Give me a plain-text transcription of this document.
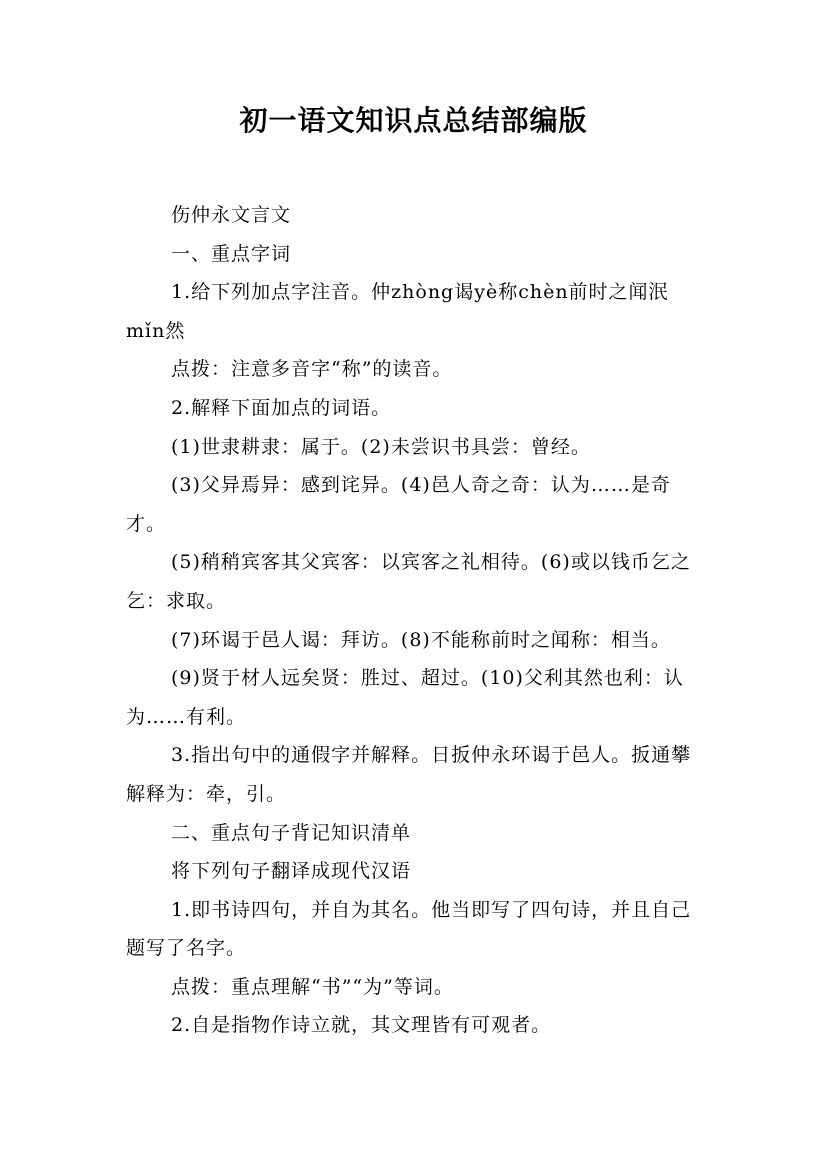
初一语文知识点总结部编版

伤仲永文言文

一、重点字词

1.给下列加点字注音。仲zhòng谒yè称chèn前时之闻泯mǐn然

点拨：注意多音字“称”的读音。

2.解释下面加点的词语。

(1)世隶耕隶：属于。(2)未尝识书具尝：曾经。

(3)父异焉异：感到诧异。(4)邑人奇之奇：认为……是奇才。

(5)稍稍宾客其父宾客：以宾客之礼相待。(6)或以钱币乞之乞：求取。

(7)环谒于邑人谒：拜访。(8)不能称前时之闻称：相当。

(9)贤于材人远矣贤：胜过、超过。(10)父利其然也利：认为……有利。

3.指出句中的通假字并解释。日扳仲永环谒于邑人。扳通攀解释为：牵，引。

二、重点句子背记知识清单

将下列句子翻译成现代汉语

1.即书诗四句，并自为其名。他当即写了四句诗，并且自己题写了名字。

点拨：重点理解“书”“为”等词。

2.自是指物作诗立就，其文理皆有可观者。
